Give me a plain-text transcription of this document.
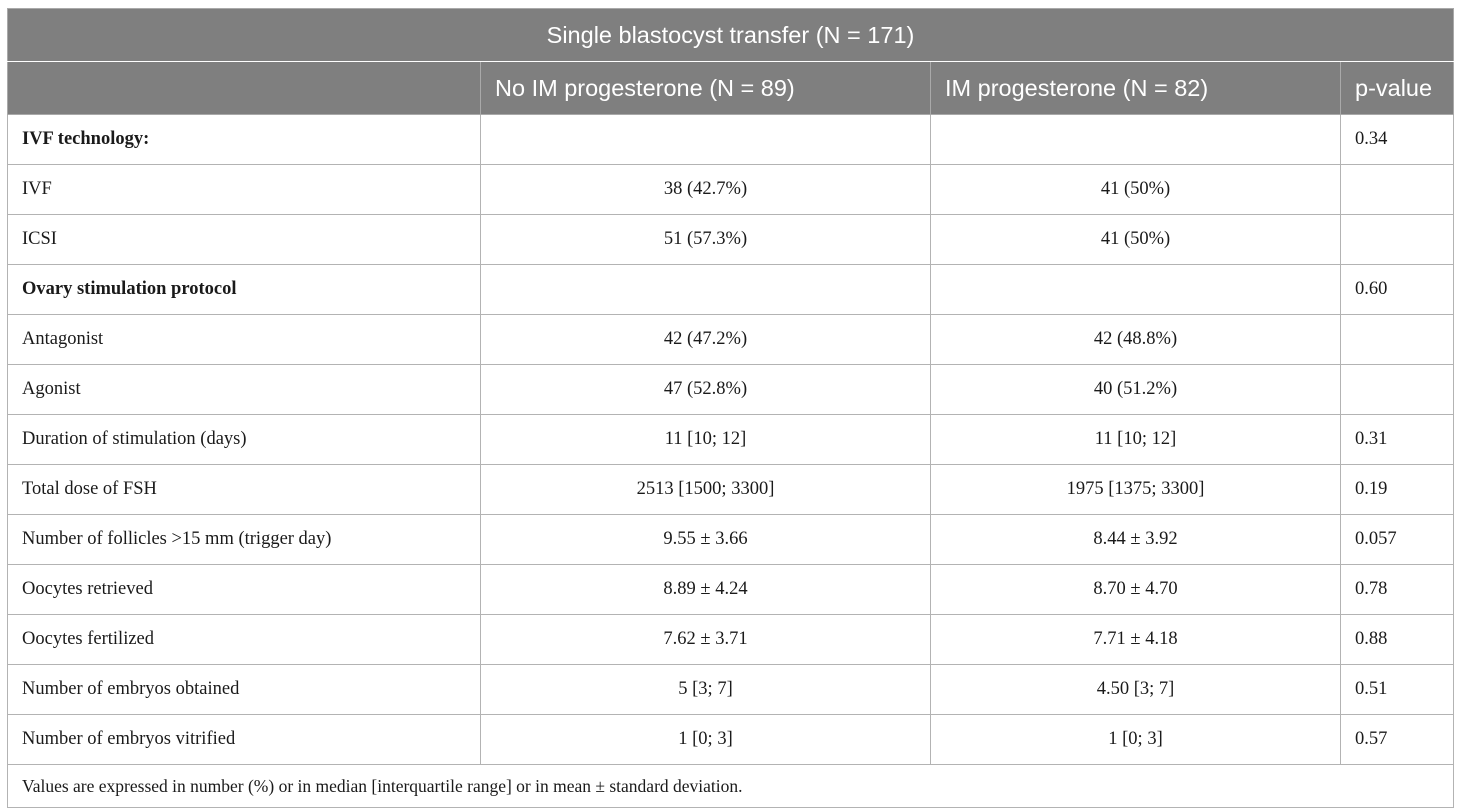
Single blastocyst transfer (N = 171)			
	No IM progesterone (N = 89)	IM progesterone (N = 82)	p-value
IVF technology:			0.34
IVF	38 (42.7%)	41 (50%)	
ICSI	51 (57.3%)	41 (50%)	
Ovary stimulation protocol			0.60
Antagonist	42 (47.2%)	42 (48.8%)	
Agonist	47 (52.8%)	40 (51.2%)	
Duration of stimulation (days)	11 [10; 12]	11 [10; 12]	0.31
Total dose of FSH	2513 [1500; 3300]	1975 [1375; 3300]	0.19
Number of follicles >15 mm (trigger day)	9.55 ± 3.66	8.44 ± 3.92	0.057
Oocytes retrieved	8.89 ± 4.24	8.70 ± 4.70	0.78
Oocytes fertilized	7.62 ± 3.71	7.71 ± 4.18	0.88
Number of embryos obtained	5 [3; 7]	4.50 [3; 7]	0.51
Number of embryos vitrified	1 [0; 3]	1 [0; 3]	0.57
Values are expressed in number (%) or in median [interquartile range] or in mean ± standard deviation.			
